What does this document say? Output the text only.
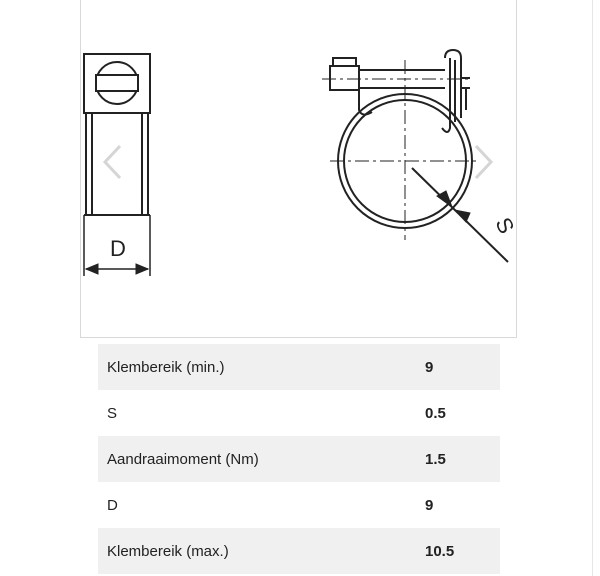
D
S
Klembereik (min.)	9
S	0.5
Aandraaimoment (Nm)	1.5
D	9
Klembereik (max.)	10.5
